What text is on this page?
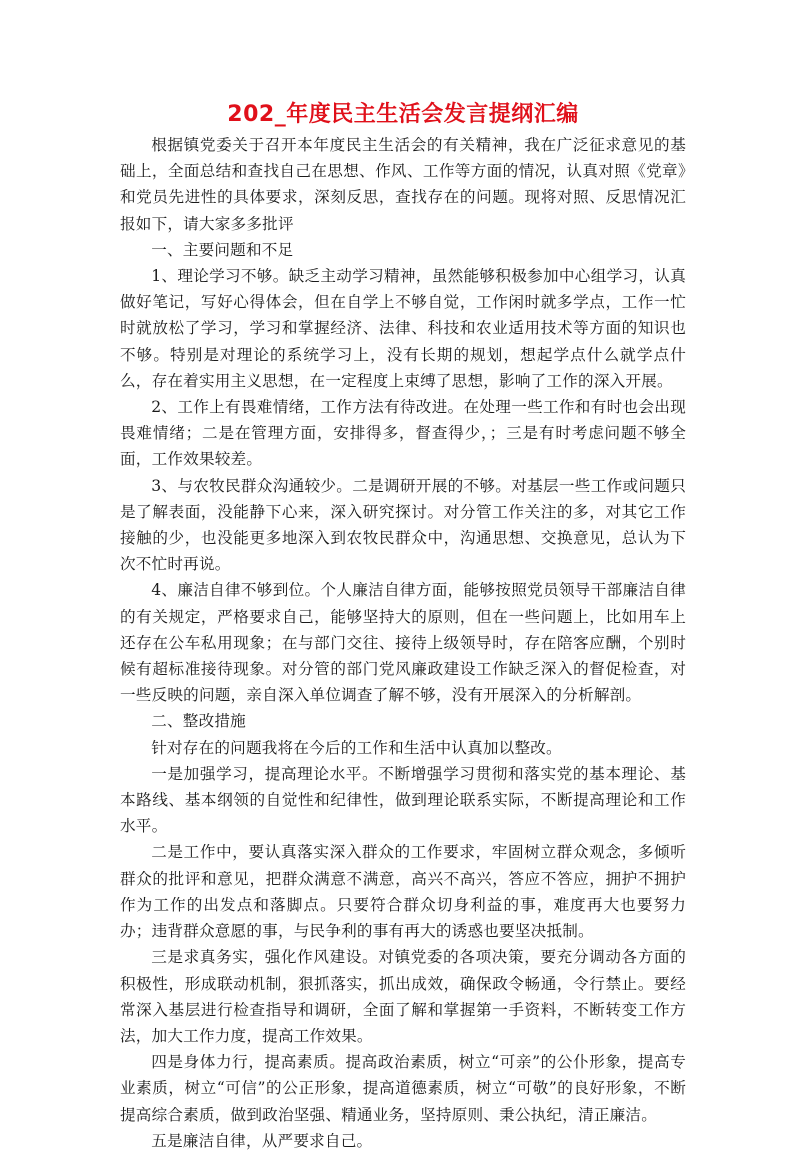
202_年度民主生活会发言提纲汇编

根据镇党委关于召开本年度民主生活会的有关精神，我在广泛征求意见的基础上，全面总结和查找自己在思想、作风、工作等方面的情况，认真对照《党章》和党员先进性的具体要求，深刻反思，查找存在的问题。现将对照、反思情况汇报如下，请大家多多批评

一、主要问题和不足

1、理论学习不够。缺乏主动学习精神，虽然能够积极参加中心组学习，认真做好笔记，写好心得体会，但在自学上不够自觉，工作闲时就多学点，工作一忙时就放松了学习，学习和掌握经济、法律、科技和农业适用技术等方面的知识也不够。特别是对理论的系统学习上，没有长期的规划，想起学点什么就学点什么，存在着实用主义思想，在一定程度上束缚了思想，影响了工作的深入开展。

2、工作上有畏难情绪，工作方法有待改进。在处理一些工作和有时也会出现畏难情绪；二是在管理方面，安排得多，督查得少，；三是有时考虑问题不够全面，工作效果较差。

3、与农牧民群众沟通较少。二是调研开展的不够。对基层一些工作或问题只是了解表面，没能静下心来，深入研究探讨。对分管工作关注的多，对其它工作接触的少，也没能更多地深入到农牧民群众中，沟通思想、交换意见，总认为下次不忙时再说。

4、廉洁自律不够到位。个人廉洁自律方面，能够按照党员领导干部廉洁自律的有关规定，严格要求自己，能够坚持大的原则，但在一些问题上，比如用车上还存在公车私用现象；在与部门交往、接待上级领导时，存在陪客应酬，个别时候有超标准接待现象。对分管的部门党风廉政建设工作缺乏深入的督促检查，对一些反映的问题，亲自深入单位调查了解不够，没有开展深入的分析解剖。

二、整改措施

针对存在的问题我将在今后的工作和生活中认真加以整改。

一是加强学习，提高理论水平。不断增强学习贯彻和落实党的基本理论、基本路线、基本纲领的自觉性和纪律性，做到理论联系实际，不断提高理论和工作水平。

二是工作中，要认真落实深入群众的工作要求，牢固树立群众观念，多倾听群众的批评和意见，把群众满意不满意，高兴不高兴，答应不答应，拥护不拥护作为工作的出发点和落脚点。只要符合群众切身利益的事，难度再大也要努力办；违背群众意愿的事，与民争利的事有再大的诱惑也要坚决抵制。

三是求真务实，强化作风建设。对镇党委的各项决策，要充分调动各方面的积极性，形成联动机制，狠抓落实，抓出成效，确保政令畅通，令行禁止。要经常深入基层进行检查指导和调研，全面了解和掌握第一手资料，不断转变工作方法，加大工作力度，提高工作效果。

四是身体力行，提高素质。提高政治素质，树立“可亲”的公仆形象，提高专业素质，树立“可信”的公正形象，提高道德素质，树立“可敬”的良好形象，不断提高综合素质，做到政治坚强、精通业务，坚持原则、秉公执纪，清正廉洁。

五是廉洁自律，从严要求自己。
